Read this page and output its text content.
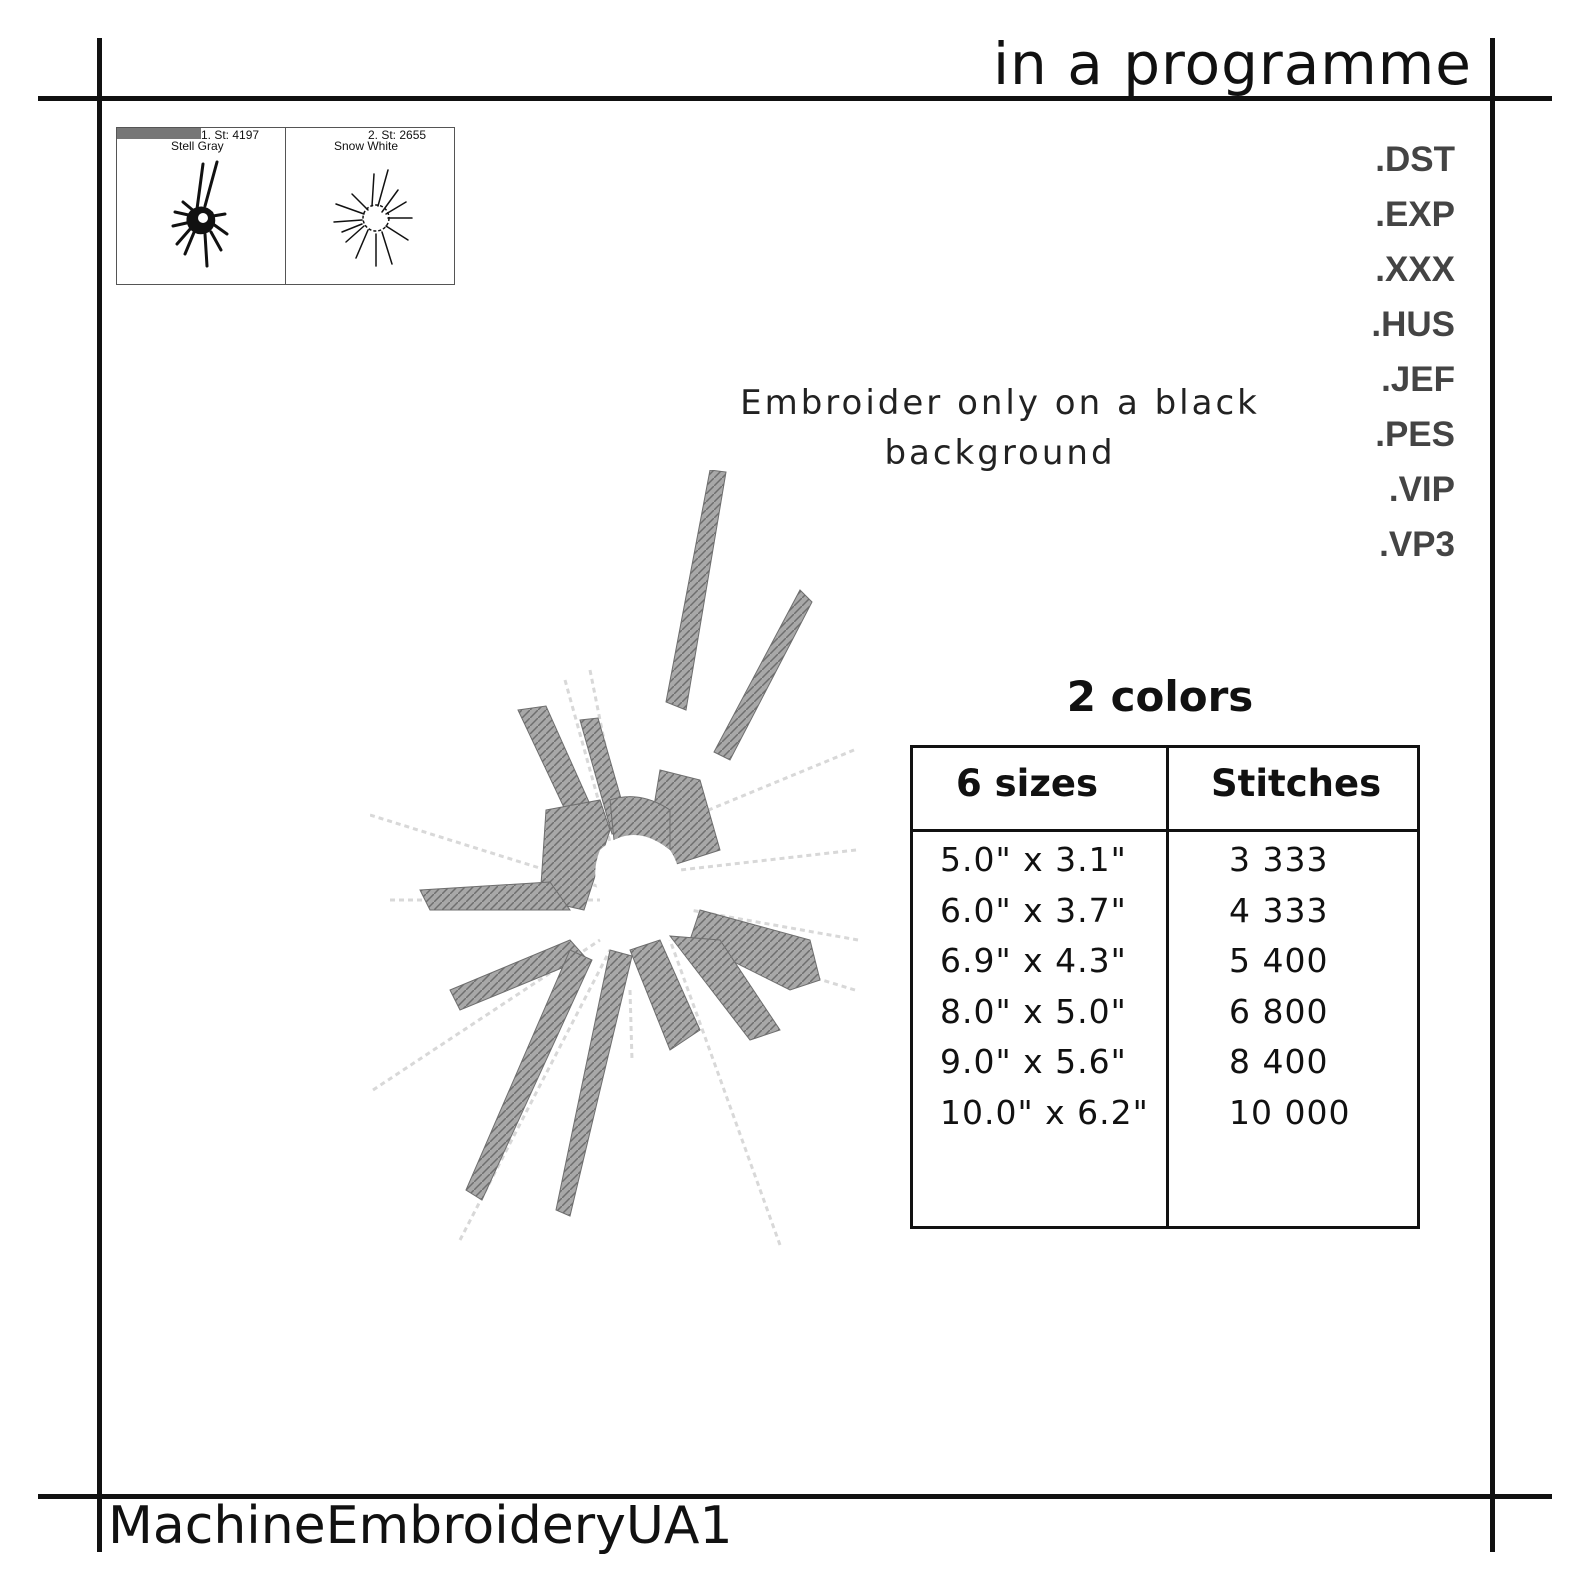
in a programme
1. St: 4197
Stell Gray
2. St: 2655
Snow White	.DST
.EXP
.XXX
.HUS
.JEF
.PES
.VIP
.VP3
Embroider only on a black
background
2 colors
6 sizes	Stitches
5.0" x 3.1"	3 333
6.0" x 3.7"	4 333
6.9" x 4.3"	5 400
8.0" x 5.0"	6 800
9.0" x 5.6"	8 400
10.0" x 6.2" 10 000
MachineEmbroideryUA1
